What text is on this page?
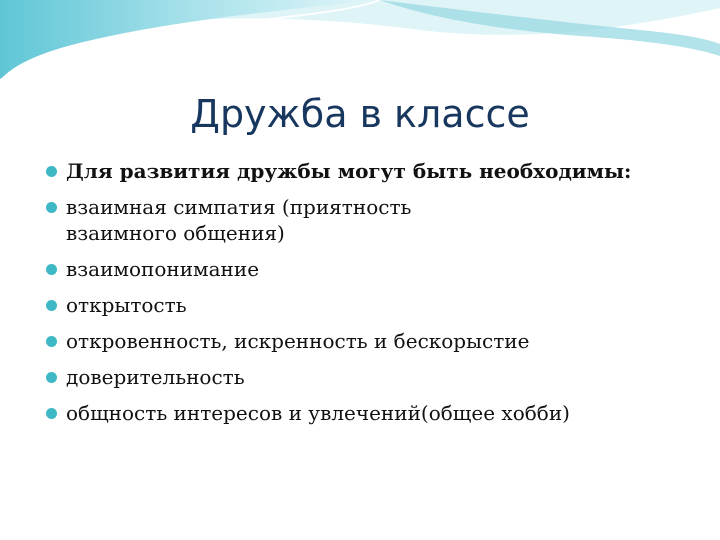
Дружба в классе
Для развития дружбы могут быть необходимы:
взаимная симпатия (приятность взаимного общения)
взаимопонимание
открытость
откровенность, искренность и бескорыстие
доверительность
общность интересов и увлечений(общее хобби)
